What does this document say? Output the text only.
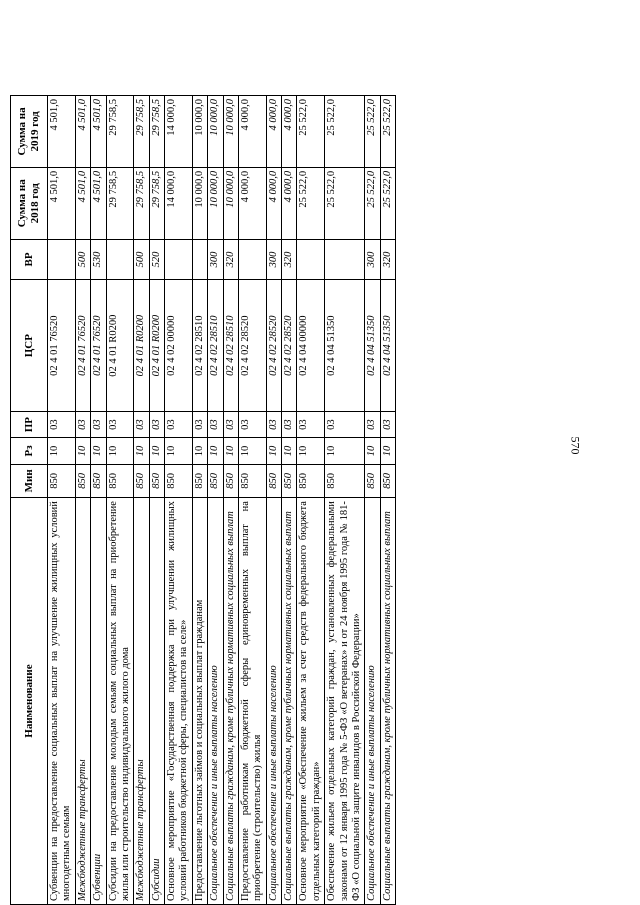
570
Наименование	Мин	Рз	ПР	ЦСР	ВР	Сумма на 2018 год	Сумма на 2019 год
Субвенции на предоставление социальных выплат на улучшение жилищных условий многодетным семьям	850	10	03	02 4 01 76520		4 501,0	4 501,0
Межбюджетные трансферты	850	10	03	02 4 01 76520	500	4 501,0	4 501,0
Субвенции	850	10	03	02 4 01 76520	530	4 501,0	4 501,0
Субсидии на предоставление молодым семьям социальных выплат на приобретение жилья или строительство индивидуального жилого дома	850	10	03	02 4 01 R0200		29 758,5	29 758,5
Межбюджетные трансферты	850	10	03	02 4 01 R0200	500	29 758,5	29 758,5
Субсидии	850	10	03	02 4 01 R0200	520	29 758,5	29 758,5
Основное мероприятие «Государственная поддержка при улучшении жилищных условий работников бюджетной сферы, специалистов на селе»	850	10	03	02 4 02 00000		14 000,0	14 000,0
Предоставление льготных займов и социальных выплат гражданам	850	10	03	02 4 02 28510		10 000,0	10 000,0
Социальное обеспечение и иные выплаты населению	850	10	03	02 4 02 28510	300	10 000,0	10 000,0
Социальные выплаты гражданам, кроме публичных нормативных социальных выплат	850	10	03	02 4 02 28510	320	10 000,0	10 000,0
Предоставление работникам бюджетной сферы единовременных выплат на приобретение (строительство) жилья	850	10	03	02 4 02 28520		4 000,0	4 000,0
Социальное обеспечение и иные выплаты населению	850	10	03	02 4 02 28520	300	4 000,0	4 000,0
Социальные выплаты гражданам, кроме публичных нормативных социальных выплат	850	10	03	02 4 02 28520	320	4 000,0	4 000,0
Основное мероприятие «Обеспечение жильем за счет средств федерального бюджета отдельных категорий граждан»	850	10	03	02 4 04 00000		25 522,0	25 522,0
Обеспечение жильем отдельных категорий граждан, установленных федеральными законами от 12 января 1995 года № 5-ФЗ «О ветеранах» и от 24 ноября 1995 года № 181-ФЗ «О социальной защите инвалидов в Российской Федерации»	850	10	03	02 4 04 51350		25 522,0	25 522,0
Социальное обеспечение и иные выплаты населению	850	10	03	02 4 04 51350	300	25 522,0	25 522,0
Социальные выплаты гражданам, кроме публичных нормативных социальных выплат	850	10	03	02 4 04 51350	320	25 522,0	25 522,0
